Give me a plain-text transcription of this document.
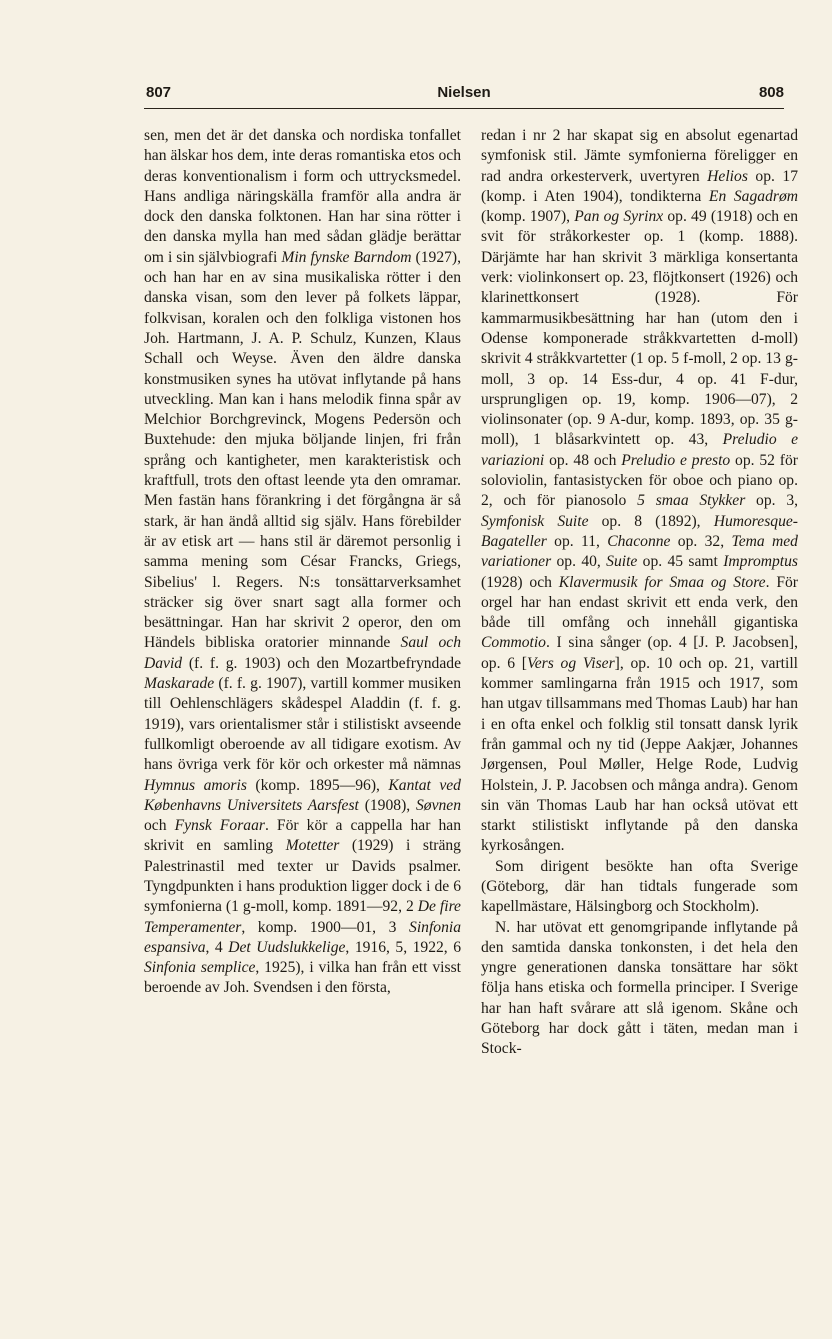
807	Nielsen	808

sen, men det är det danska och nordiska tonfallet han älskar hos dem, inte deras romantiska etos och deras konventionalism i form och uttrycksmedel. Hans andliga näringskälla framför alla andra är dock den danska folktonen. Han har sina rötter i den danska mylla han med sådan glädje berättar om i sin självbiografi Min fynske Barndom (1927), och han har en av sina musikaliska rötter i den danska visan, som den lever på folkets läppar, folkvisan, koralen och den folkliga vistonen hos Joh. Hartmann, J. A. P. Schulz, Kunzen, Klaus Schall och Weyse. Även den äldre danska konstmusiken synes ha utövat inflytande på hans utveckling. Man kan i hans melodik finna spår av Melchior Borchgrevinck, Mogens Pedersön och Buxtehude: den mjuka böljande linjen, fri från språng och kantigheter, men karakteristisk och kraftfull, trots den oftast leende yta den omramar. Men fastän hans förankring i det förgångna är så stark, är han ändå alltid sig själv. Hans förebilder är av etisk art — hans stil är däremot personlig i samma mening som César Francks, Griegs, Sibelius' l. Regers. N:s tonsättarverksamhet sträcker sig över snart sagt alla former och besättningar. Han har skrivit 2 operor, den om Händels bibliska oratorier minnande Saul och David (f. f. g. 1903) och den Mozartbefryndade Maskarade (f. f. g. 1907), vartill kommer musiken till Oehlenschlägers skådespel Aladdin (f. f. g. 1919), vars orientalismer står i stilistiskt avseende fullkomligt oberoende av all tidigare exotism. Av hans övriga verk för kör och orkester må nämnas Hymnus amoris (komp. 1895—96), Kantat ved Københavns Universitets Aarsfest (1908), Søvnen och Fynsk Foraar. För kör a cappella har han skrivit en samling Motetter (1929) i sträng Palestrinastil med texter ur Davids psalmer. Tyngdpunkten i hans produktion ligger dock i de 6 symfonierna (1 g-moll, komp. 1891—92, 2 De fire Temperamenter, komp. 1900—01, 3 Sinfonia espansiva, 4 Det Uudslukkelige, 1916, 5, 1922, 6 Sinfonia semplice, 1925), i vilka han från ett visst beroende av Joh. Svendsen i den första,

redan i nr 2 har skapat sig en absolut egenartad symfonisk stil. Jämte symfonierna föreligger en rad andra orkesterverk, uvertyren Helios op. 17 (komp. i Aten 1904), tondikterna En Sagadrøm (komp. 1907), Pan og Syrinx op. 49 (1918) och en svit för stråkorkester op. 1 (komp. 1888). Därjämte har han skrivit 3 märkliga konsertanta verk: violinkonsert op. 23, flöjtkonsert (1926) och klarinettkonsert (1928). För kammarmusikbesättning har han (utom den i Odense komponerade stråkkvartetten d-moll) skrivit 4 stråkkvartetter (1 op. 5 f-moll, 2 op. 13 g-moll, 3 op. 14 Ess-dur, 4 op. 41 F-dur, ursprungligen op. 19, komp. 1906—07), 2 violinsonater (op. 9 A-dur, komp. 1893, op. 35 g-moll), 1 blåsarkvintett op. 43, Preludio e variazioni op. 48 och Preludio e presto op. 52 för soloviolin, fantasistycken för oboe och piano op. 2, och för pianosolo 5 smaa Stykker op. 3, Symfonisk Suite op. 8 (1892), Humoresque-Bagateller op. 11, Chaconne op. 32, Tema med variationer op. 40, Suite op. 45 samt Impromptus (1928) och Klavermusik for Smaa og Store. För orgel har han endast skrivit ett enda verk, den både till omfång och innehåll gigantiska Commotio. I sina sånger (op. 4 [J. P. Jacobsen], op. 6 [Vers og Viser], op. 10 och op. 21, vartill kommer samlingarna från 1915 och 1917, som han utgav tillsammans med Thomas Laub) har han i en ofta enkel och folklig stil tonsatt dansk lyrik från gammal och ny tid (Jeppe Aakjær, Johannes Jørgensen, Poul Møller, Helge Rode, Ludvig Holstein, J. P. Jacobsen och många andra). Genom sin vän Thomas Laub har han också utövat ett starkt stilistiskt inflytande på den danska kyrkosången.

Som dirigent besökte han ofta Sverige (Göteborg, där han tidtals fungerade som kapellmästare, Hälsingborg och Stockholm).

N. har utövat ett genomgripande inflytande på den samtida danska tonkonsten, i det hela den yngre generationen danska tonsättare har sökt följa hans etiska och formella principer. I Sverige har han haft svårare att slå igenom. Skåne och Göteborg har dock gått i täten, medan man i Stock-
